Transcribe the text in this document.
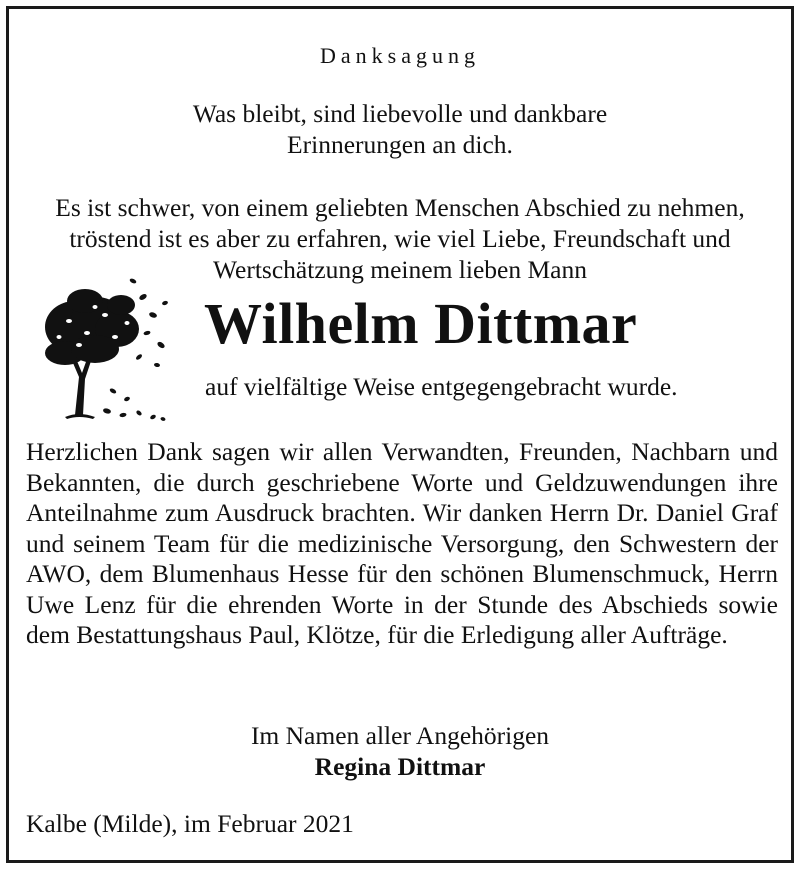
Danksagung
Was bleibt, sind liebevolle und dankbare
Erinnerungen an dich.
Es ist schwer, von einem geliebten Menschen Abschied zu nehmen,
tröstend ist es aber zu erfahren, wie viel Liebe, Freundschaft und
Wertschätzung meinem lieben Mann
Wilhelm Dittmar
auf vielfältige Weise entgegengebracht wurde.
Herzlichen Dank sagen wir allen Verwandten, Freunden, Nachbarn und Bekannten, die durch geschriebene Worte und Geldzuwendungen ihre Anteilnahme zum Ausdruck brachten. Wir danken Herrn Dr. Daniel Graf und seinem Team für die medizinische Versorgung, den Schwestern der AWO, dem Blumenhaus Hesse für den schönen Blumenschmuck, Herrn Uwe Lenz für die ehrenden Worte in der Stunde des Abschieds sowie dem Bestattungshaus Paul, Klötze, für die Erledigung aller Aufträge.
Im Namen aller Angehörigen
Regina Dittmar
Kalbe (Milde), im Februar 2021
